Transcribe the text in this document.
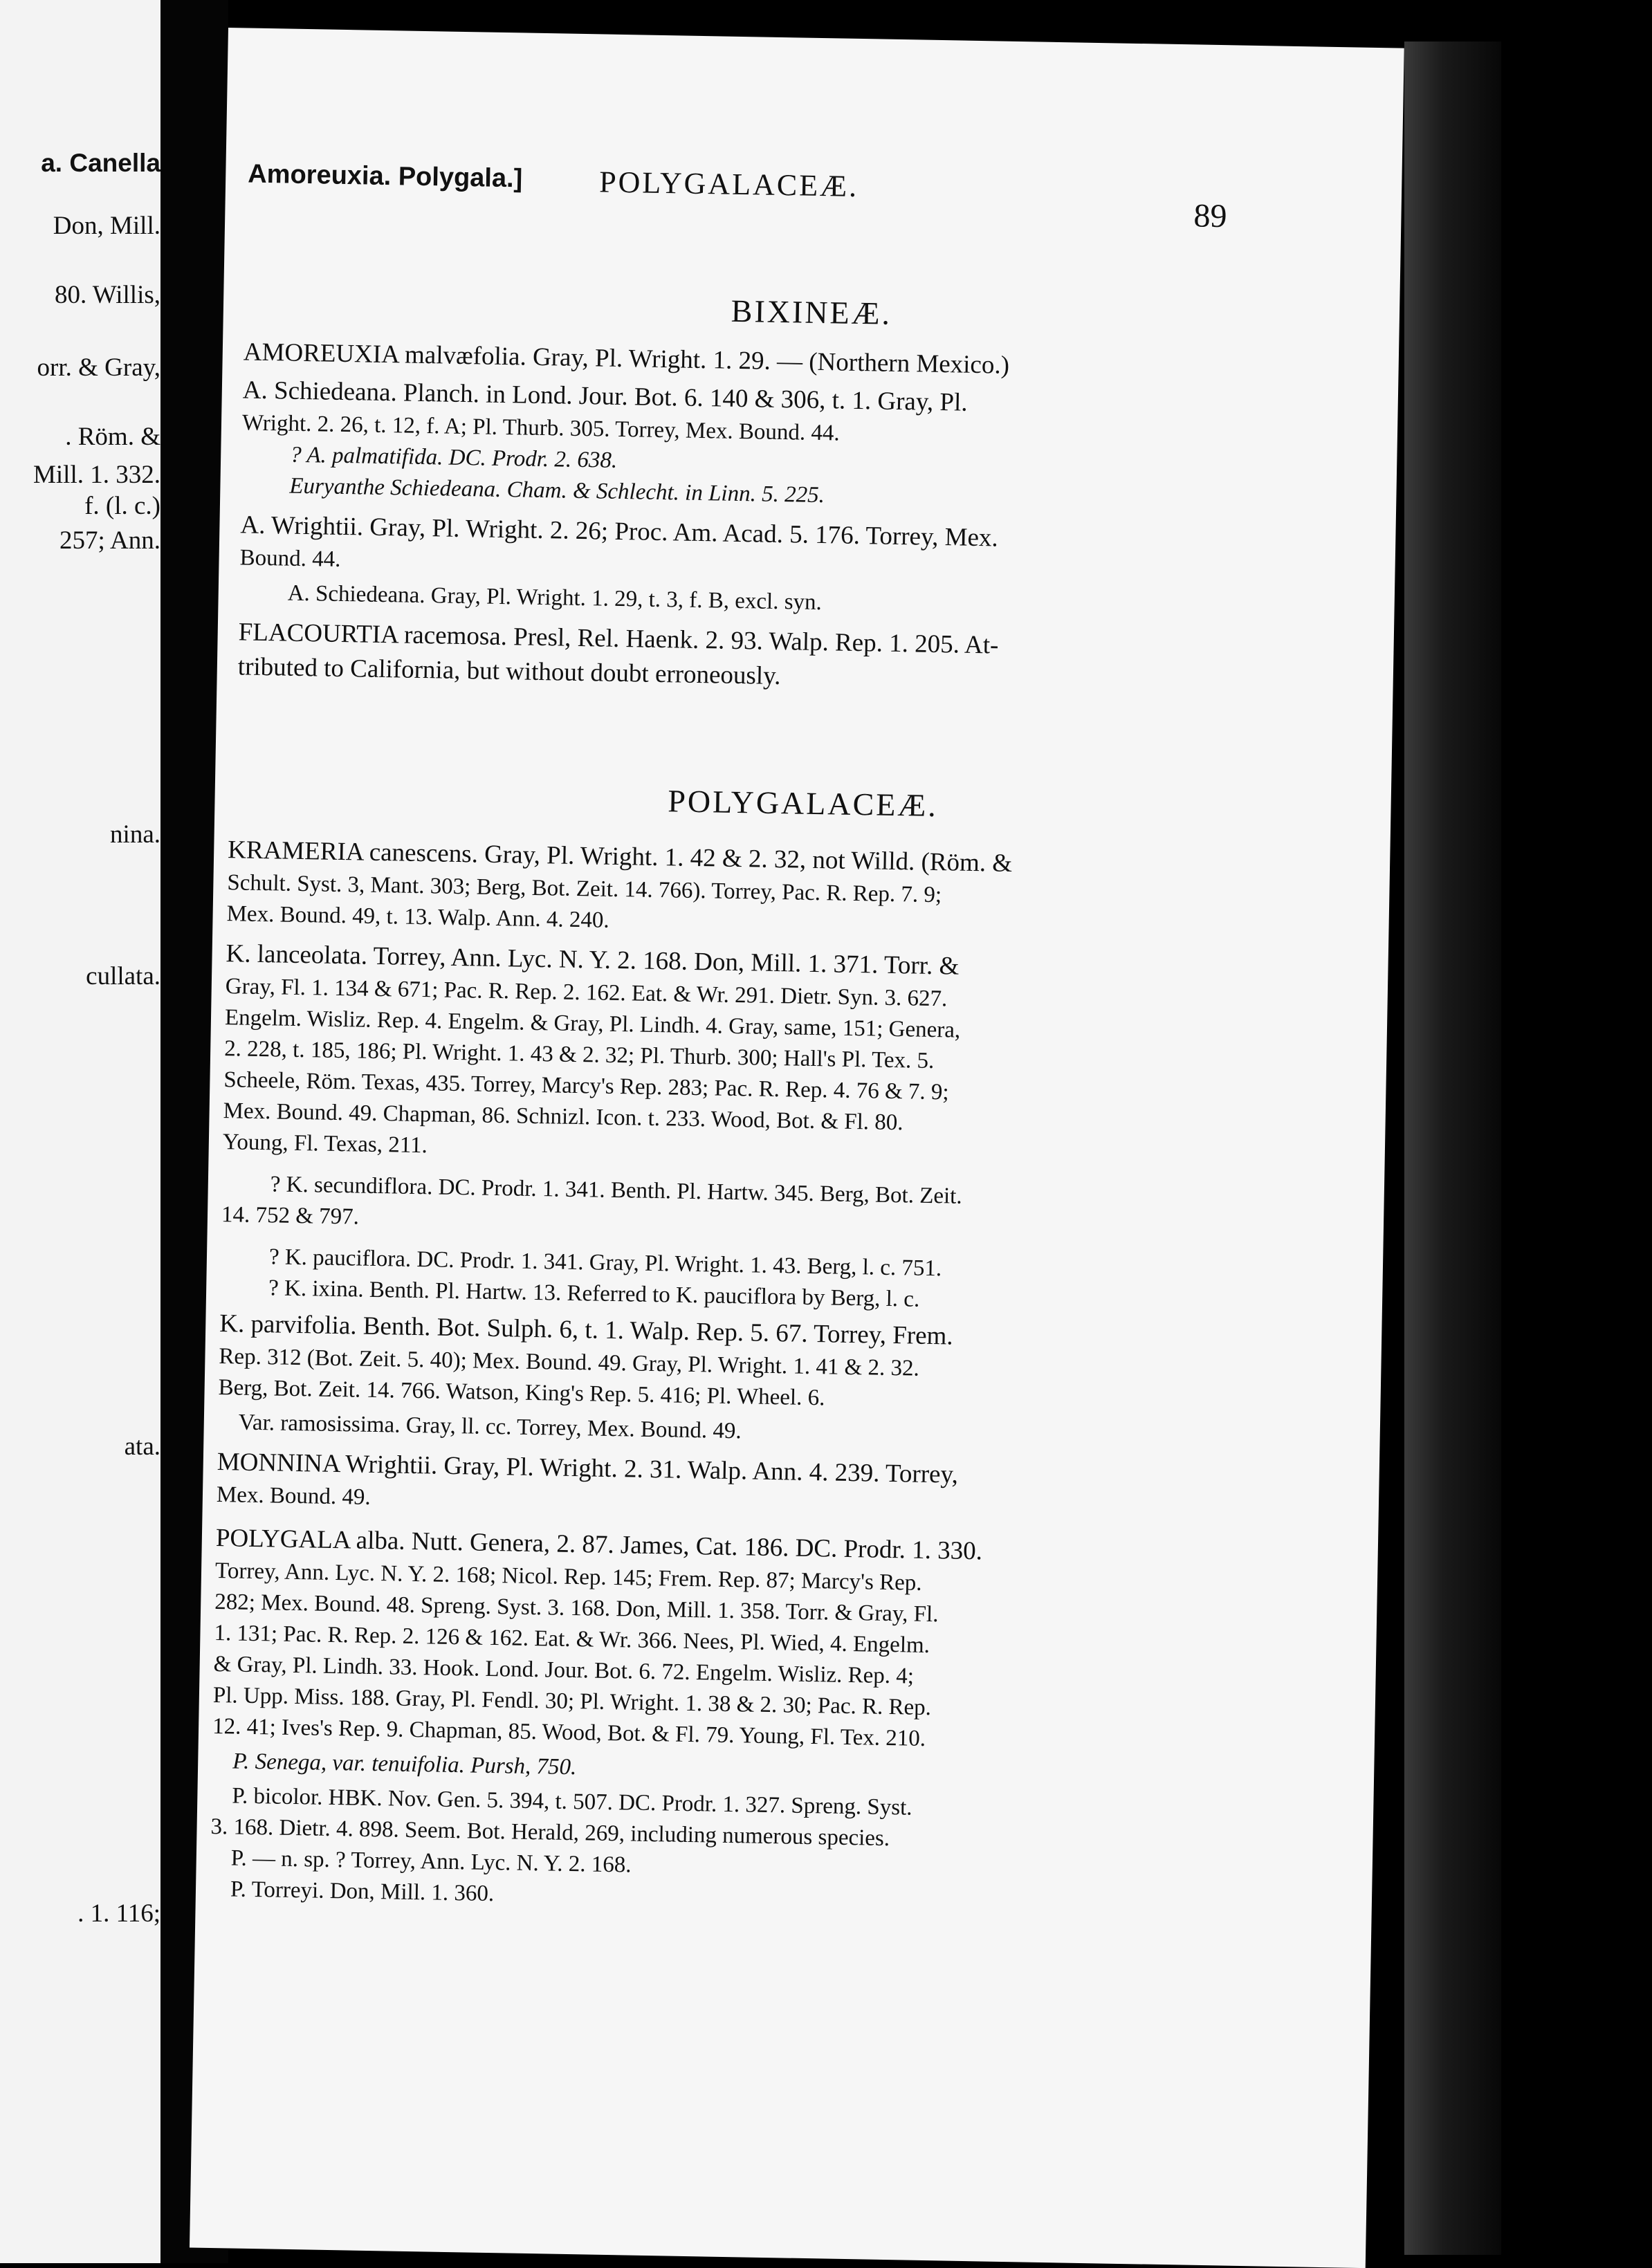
a. Canella
Don, Mill.
80. Willis,
orr. & Gray,
. Röm. &
Mill. 1. 332.
f. (l. c.)
257; Ann.
nina.
cullata.
ata.
. 1. 116;
Amoreuxia. Polygala.]	POLYGALACEÆ.
89
BIXINEÆ.
AMOREUXIA malvæfolia. Gray, Pl. Wright. 1. 29. — (Northern Mexico.)
A. Schiedeana. Planch. in Lond. Jour. Bot. 6. 140 & 306, t. 1. Gray, Pl.
Wright. 2. 26, t. 12, f. A; Pl. Thurb. 305. Torrey, Mex. Bound. 44.
? A. palmatifida. DC. Prodr. 2. 638.
Euryanthe Schiedeana. Cham. & Schlecht. in Linn. 5. 225.
A. Wrightii. Gray, Pl. Wright. 2. 26; Proc. Am. Acad. 5. 176. Torrey, Mex.
Bound. 44.
A. Schiedeana. Gray, Pl. Wright. 1. 29, t. 3, f. B, excl. syn.
FLACOURTIA racemosa. Presl, Rel. Haenk. 2. 93. Walp. Rep. 1. 205. At-
tributed to California, but without doubt erroneously.
POLYGALACEÆ.
KRAMERIA canescens. Gray, Pl. Wright. 1. 42 & 2. 32, not Willd. (Röm. &
Schult. Syst. 3, Mant. 303; Berg, Bot. Zeit. 14. 766). Torrey, Pac. R. Rep. 7. 9;
Mex. Bound. 49, t. 13. Walp. Ann. 4. 240.
K. lanceolata. Torrey, Ann. Lyc. N. Y. 2. 168. Don, Mill. 1. 371. Torr. &
Gray, Fl. 1. 134 & 671; Pac. R. Rep. 2. 162. Eat. & Wr. 291. Dietr. Syn. 3. 627.
Engelm. Wisliz. Rep. 4. Engelm. & Gray, Pl. Lindh. 4. Gray, same, 151; Genera,
2. 228, t. 185, 186; Pl. Wright. 1. 43 & 2. 32; Pl. Thurb. 300; Hall's Pl. Tex. 5.
Scheele, Röm. Texas, 435. Torrey, Marcy's Rep. 283; Pac. R. Rep. 4. 76 & 7. 9;
Mex. Bound. 49. Chapman, 86. Schnizl. Icon. t. 233. Wood, Bot. & Fl. 80.
Young, Fl. Texas, 211.
? K. secundiflora. DC. Prodr. 1. 341. Benth. Pl. Hartw. 345. Berg, Bot. Zeit.
14. 752 & 797.
? K. pauciflora. DC. Prodr. 1. 341. Gray, Pl. Wright. 1. 43. Berg, l. c. 751.
? K. ixina. Benth. Pl. Hartw. 13. Referred to K. pauciflora by Berg, l. c.
K. parvifolia. Benth. Bot. Sulph. 6, t. 1. Walp. Rep. 5. 67. Torrey, Frem.
Rep. 312 (Bot. Zeit. 5. 40); Mex. Bound. 49. Gray, Pl. Wright. 1. 41 & 2. 32.
Berg, Bot. Zeit. 14. 766. Watson, King's Rep. 5. 416; Pl. Wheel. 6.
Var. ramosissima. Gray, ll. cc. Torrey, Mex. Bound. 49.
MONNINA Wrightii. Gray, Pl. Wright. 2. 31. Walp. Ann. 4. 239. Torrey,
Mex. Bound. 49.
POLYGALA alba. Nutt. Genera, 2. 87. James, Cat. 186. DC. Prodr. 1. 330.
Torrey, Ann. Lyc. N. Y. 2. 168; Nicol. Rep. 145; Frem. Rep. 87; Marcy's Rep.
282; Mex. Bound. 48. Spreng. Syst. 3. 168. Don, Mill. 1. 358. Torr. & Gray, Fl.
1. 131; Pac. R. Rep. 2. 126 & 162. Eat. & Wr. 366. Nees, Pl. Wied, 4. Engelm.
& Gray, Pl. Lindh. 33. Hook. Lond. Jour. Bot. 6. 72. Engelm. Wisliz. Rep. 4;
Pl. Upp. Miss. 188. Gray, Pl. Fendl. 30; Pl. Wright. 1. 38 & 2. 30; Pac. R. Rep.
12. 41; Ives's Rep. 9. Chapman, 85. Wood, Bot. & Fl. 79. Young, Fl. Tex. 210.
P. Senega, var. tenuifolia. Pursh, 750.
P. bicolor. HBK. Nov. Gen. 5. 394, t. 507. DC. Prodr. 1. 327. Spreng. Syst.
3. 168. Dietr. 4. 898. Seem. Bot. Herald, 269, including numerous species.
P. — n. sp. ? Torrey, Ann. Lyc. N. Y. 2. 168.
P. Torreyi. Don, Mill. 1. 360.
